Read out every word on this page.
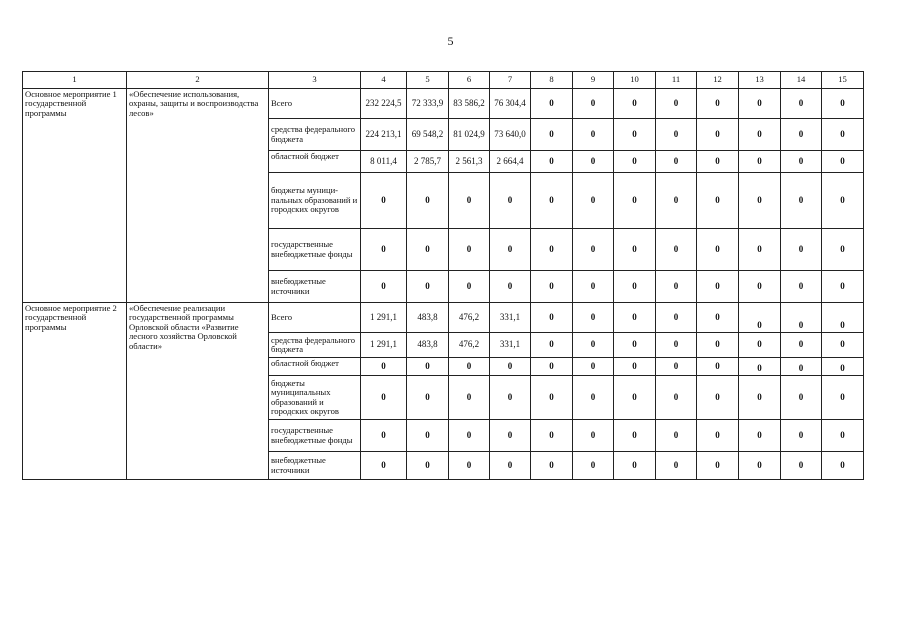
5
1	2	3	4	5	6	7	8	9	10	11	12	13	14	15
Основное мероприятие 1 государственной программы	«Обеспечение использования, охраны, защиты и воспроизводства лесов»	Всего	232 224,5	72 333,9	83 586,2	76 304,4	0	0	0	0	0	0	0	0
		средства федерального бюджета	224 213,1	69 548,2	81 024,9	73 640,0	0	0	0	0	0	0	0	0
		областной бюджет	8 011,4	2 785,7	2 561,3	2 664,4	0	0	0	0	0	0	0	0
		бюджеты муници-пальных образований и городских округов	0	0	0	0	0	0	0	0	0	0	0	0
		государственные внебюджетные фонды	0	0	0	0	0	0	0	0	0	0	0	0
		внебюджетные источники	0	0	0	0	0	0	0	0	0	0	0	0
Основное мероприятие 2 государственной программы	«Обеспечение реализации государственной программы Орловской области «Развитие лесного хозяйства Орловской области»	Всего	1 291,1	483,8	476,2	331,1	0	0	0	0	0	0	0	0
		средства федерального бюджета	1 291,1	483,8	476,2	331,1	0	0	0	0	0	0	0	0
		областной бюджет	0	0	0	0	0	0	0	0	0	0	0	0
		бюджеты муниципальных образований и городских округов	0	0	0	0	0	0	0	0	0	0	0	0
		государственные внебюджетные фонды	0	0	0	0	0	0	0	0	0	0	0	0
		внебюджетные источники	0	0	0	0	0	0	0	0	0	0	0	0
